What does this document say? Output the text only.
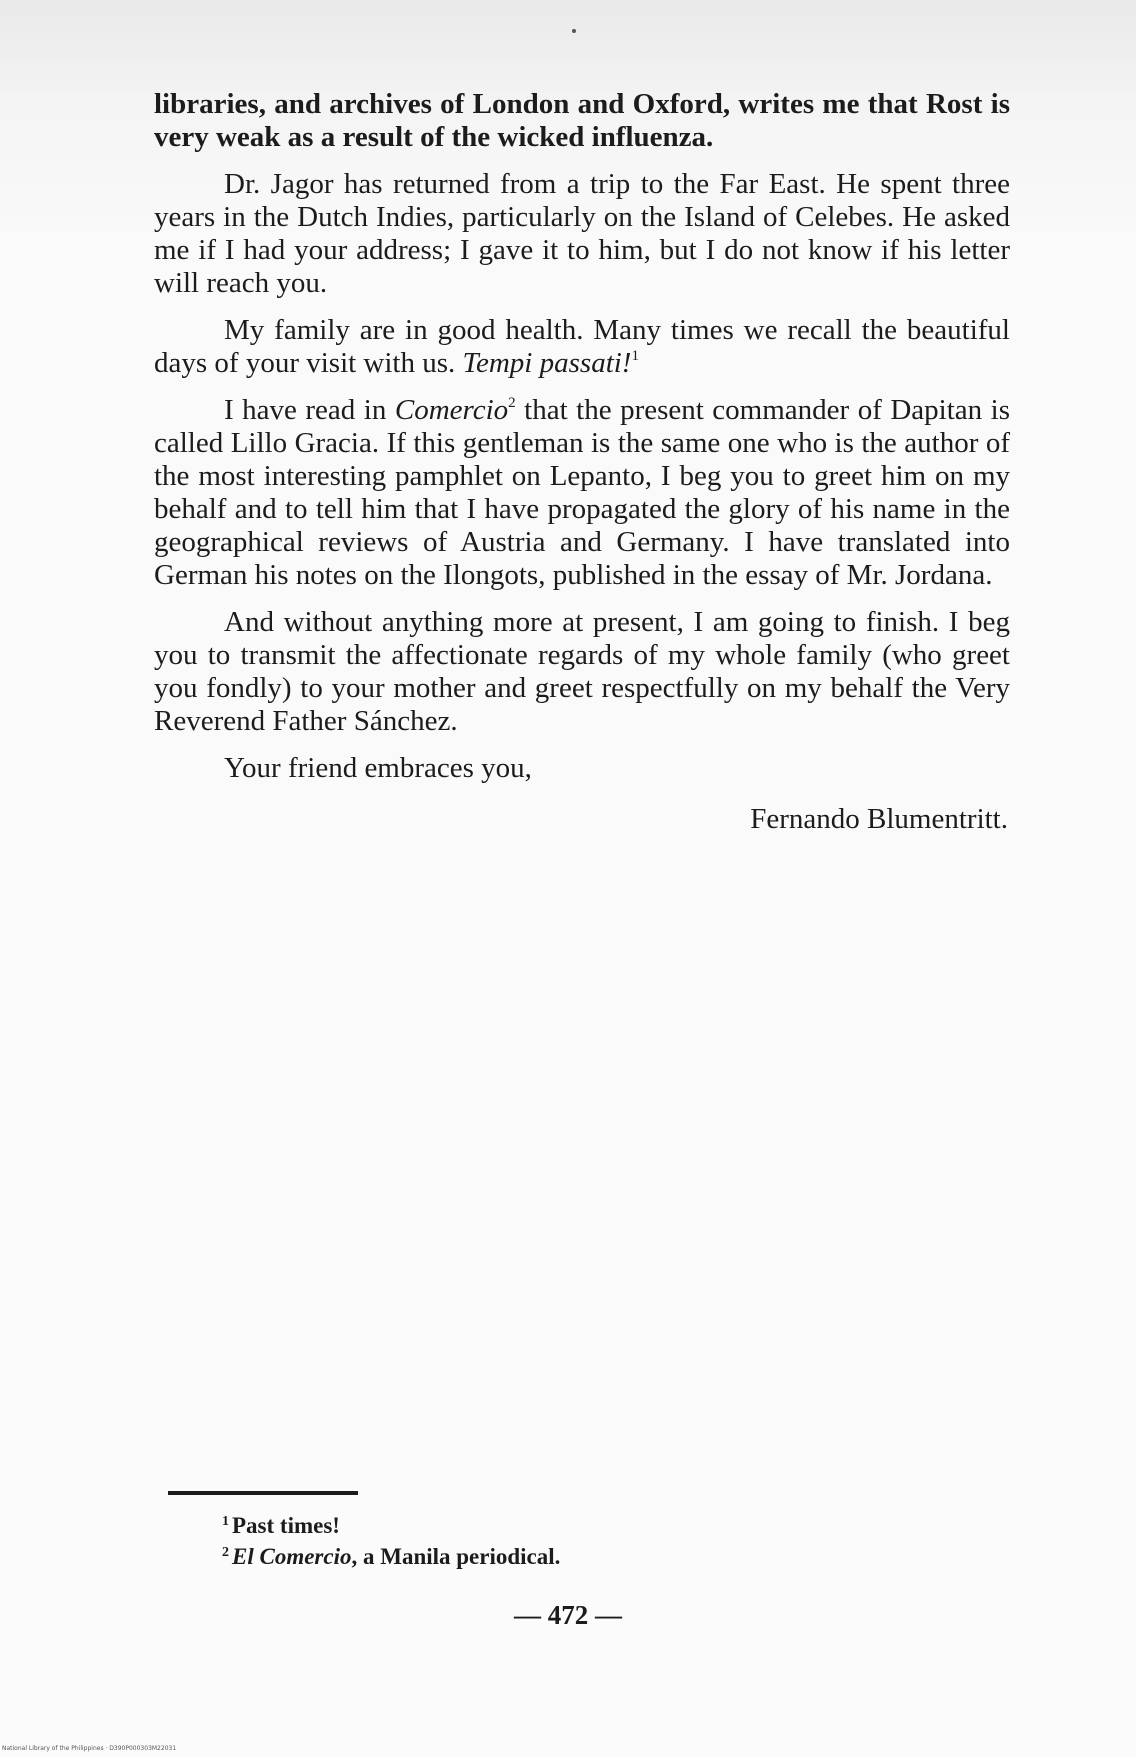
libraries, and archives of London and Oxford, writes me that Rost is very weak as a result of the wicked influenza.

Dr. Jagor has returned from a trip to the Far East. He spent three years in the Dutch Indies, particularly on the Island of Celebes. He asked me if I had your address; I gave it to him, but I do not know if his letter will reach you.

My family are in good health. Many times we recall the beautiful days of your visit with us. Tempi passati!$^1$

I have read in Comercio$^2$ that the present commander of Dapitan is called Lillo Gracia. If this gentleman is the same one who is the author of the most interesting pamphlet on Lepanto, I beg you to greet him on my behalf and to tell him that I have propagated the glory of his name in the geographical reviews of Austria and Germany. I have translated into German his notes on the Ilongots, published in the essay of Mr. Jordana.

And without anything more at present, I am going to finish. I beg you to transmit the affectionate regards of my whole family (who greet you fondly) to your mother and greet respectfully on my behalf the Very Reverend Father Sánchez.

Your friend embraces you,

Fernando Blumentritt.
$^1$ Past times!
$^2$ El Comercio, a Manila periodical.
— 472 —
National Library of the Philippines · D390P000303M22031
